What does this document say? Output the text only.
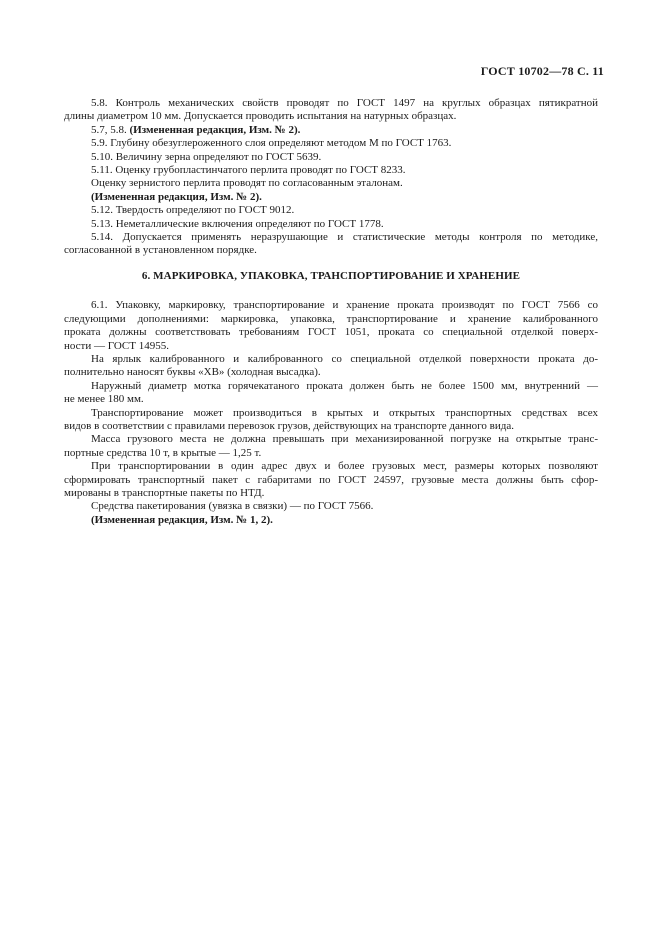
ГОСТ 10702—78 С. 11

5.8. Контроль механических свойств проводят по ГОСТ 1497 на круглых образцах пятикратной

длины диаметром 10 мм. Допускается проводить испытания на натурных образцах.

5.7, 5.8. (Измененная редакция, Изм. № 2).

5.9. Глубину обезуглероженного слоя определяют методом М по ГОСТ 1763.

5.10. Величину зерна определяют по ГОСТ 5639.

5.11. Оценку грубопластинчатого перлита проводят по ГОСТ 8233.

Оценку зернистого перлита проводят по согласованным эталонам.

(Измененная редакция, Изм. № 2).

5.12. Твердость определяют по ГОСТ 9012.

5.13. Неметаллические включения определяют по ГОСТ 1778.

5.14. Допускается применять неразрушающие и статистические методы контроля по методике,

согласованной в установленном порядке.

6. МАРКИРОВКА, УПАКОВКА, ТРАНСПОРТИРОВАНИЕ И ХРАНЕНИЕ

6.1. Упаковку, маркировку, транспортирование и хранение проката производят по ГОСТ 7566 со

следующими дополнениями: маркировка, упаковка, транспортирование и хранение калиброванного

проката должны соответствовать требованиям ГОСТ 1051, проката со специальной отделкой поверх-

ности — ГОСТ 14955.

На ярлык калиброванного и калиброванного со специальной отделкой поверхности проката до-

полнительно наносят буквы «ХВ» (холодная высадка).

Наружный диаметр мотка горячекатаного проката должен быть не более 1500 мм, внутренний —

не менее 180 мм.

Транспортирование может производиться в крытых и открытых транспортных средствах всех

видов в соответствии с правилами перевозок грузов, действующих на транспорте данного вида.

Масса грузового места не должна превышать при механизированной погрузке на открытые транс-

портные средства 10 т, в крытые — 1,25 т.

При транспортировании в один адрес двух и более грузовых мест, размеры которых позволяют

сформировать транспортный пакет с габаритами по ГОСТ 24597, грузовые места должны быть сфор-

мированы в транспортные пакеты по НТД.

Средства пакетирования (увязка в связки) — по ГОСТ 7566.

(Измененная редакция, Изм. № 1, 2).
